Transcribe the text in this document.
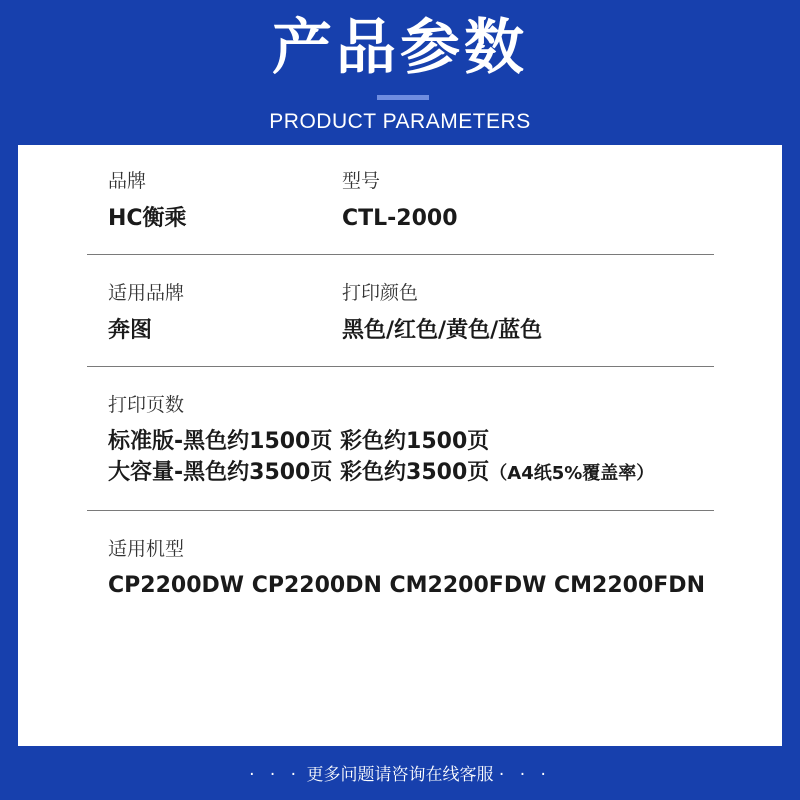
产品参数
PRODUCT PARAMETERS
品牌	型号
HC衡乘	CTL-2000
适用品牌	打印颜色
奔图	黑色/红色/黄色/蓝色
打印页数
标准版-黑色约1500页 彩色约1500页
大容量-黑色约3500页 彩色约3500页（A4纸5%覆盖率）
适用机型
CP2200DW CP2200DN CM2200FDW CM2200FDN
· · · 更多问题请咨询在线客服 · · ·
